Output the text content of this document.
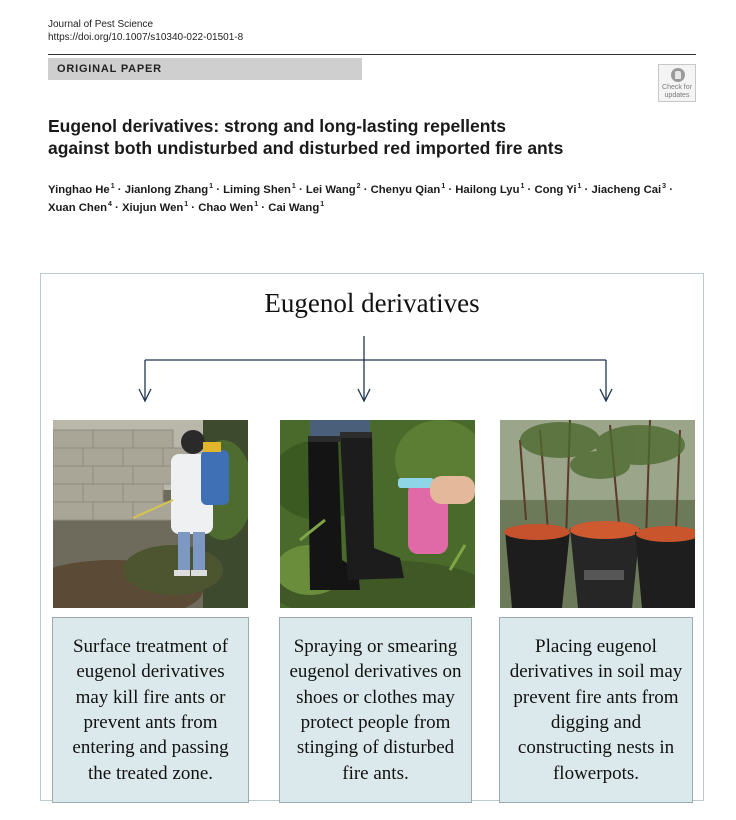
Journal of Pest Science
https://doi.org/10.1007/s10340-022-01501-8
ORIGINAL PAPER
Check for
updates
Eugenol derivatives: strong and long-lasting repellents
against both undisturbed and disturbed red imported fire ants
Yinghao $He^1$ · Jianlong Zhang$^1$ · Liming Shen$^1$ · Lei Wang$^2$ · Chenyu Qian$^1$ · Hailong Lyu$^1$ · Cong $Yi^1$ · Jiacheng Cai$^3$ ·
Xuan Chen$^4$ · Xiujun Wen$^1$ · Chao Wen$^1$ · Cai Wang$^1$
Eugenol derivatives
Surface treatment of eugenol derivatives may kill fire ants or prevent ants from entering and passing the treated zone.
Spraying or smearing eugenol derivatives on shoes or clothes may protect people from stinging of disturbed fire ants.
Placing eugenol derivatives in soil may prevent fire ants from digging and constructing nests in flowerpots.
